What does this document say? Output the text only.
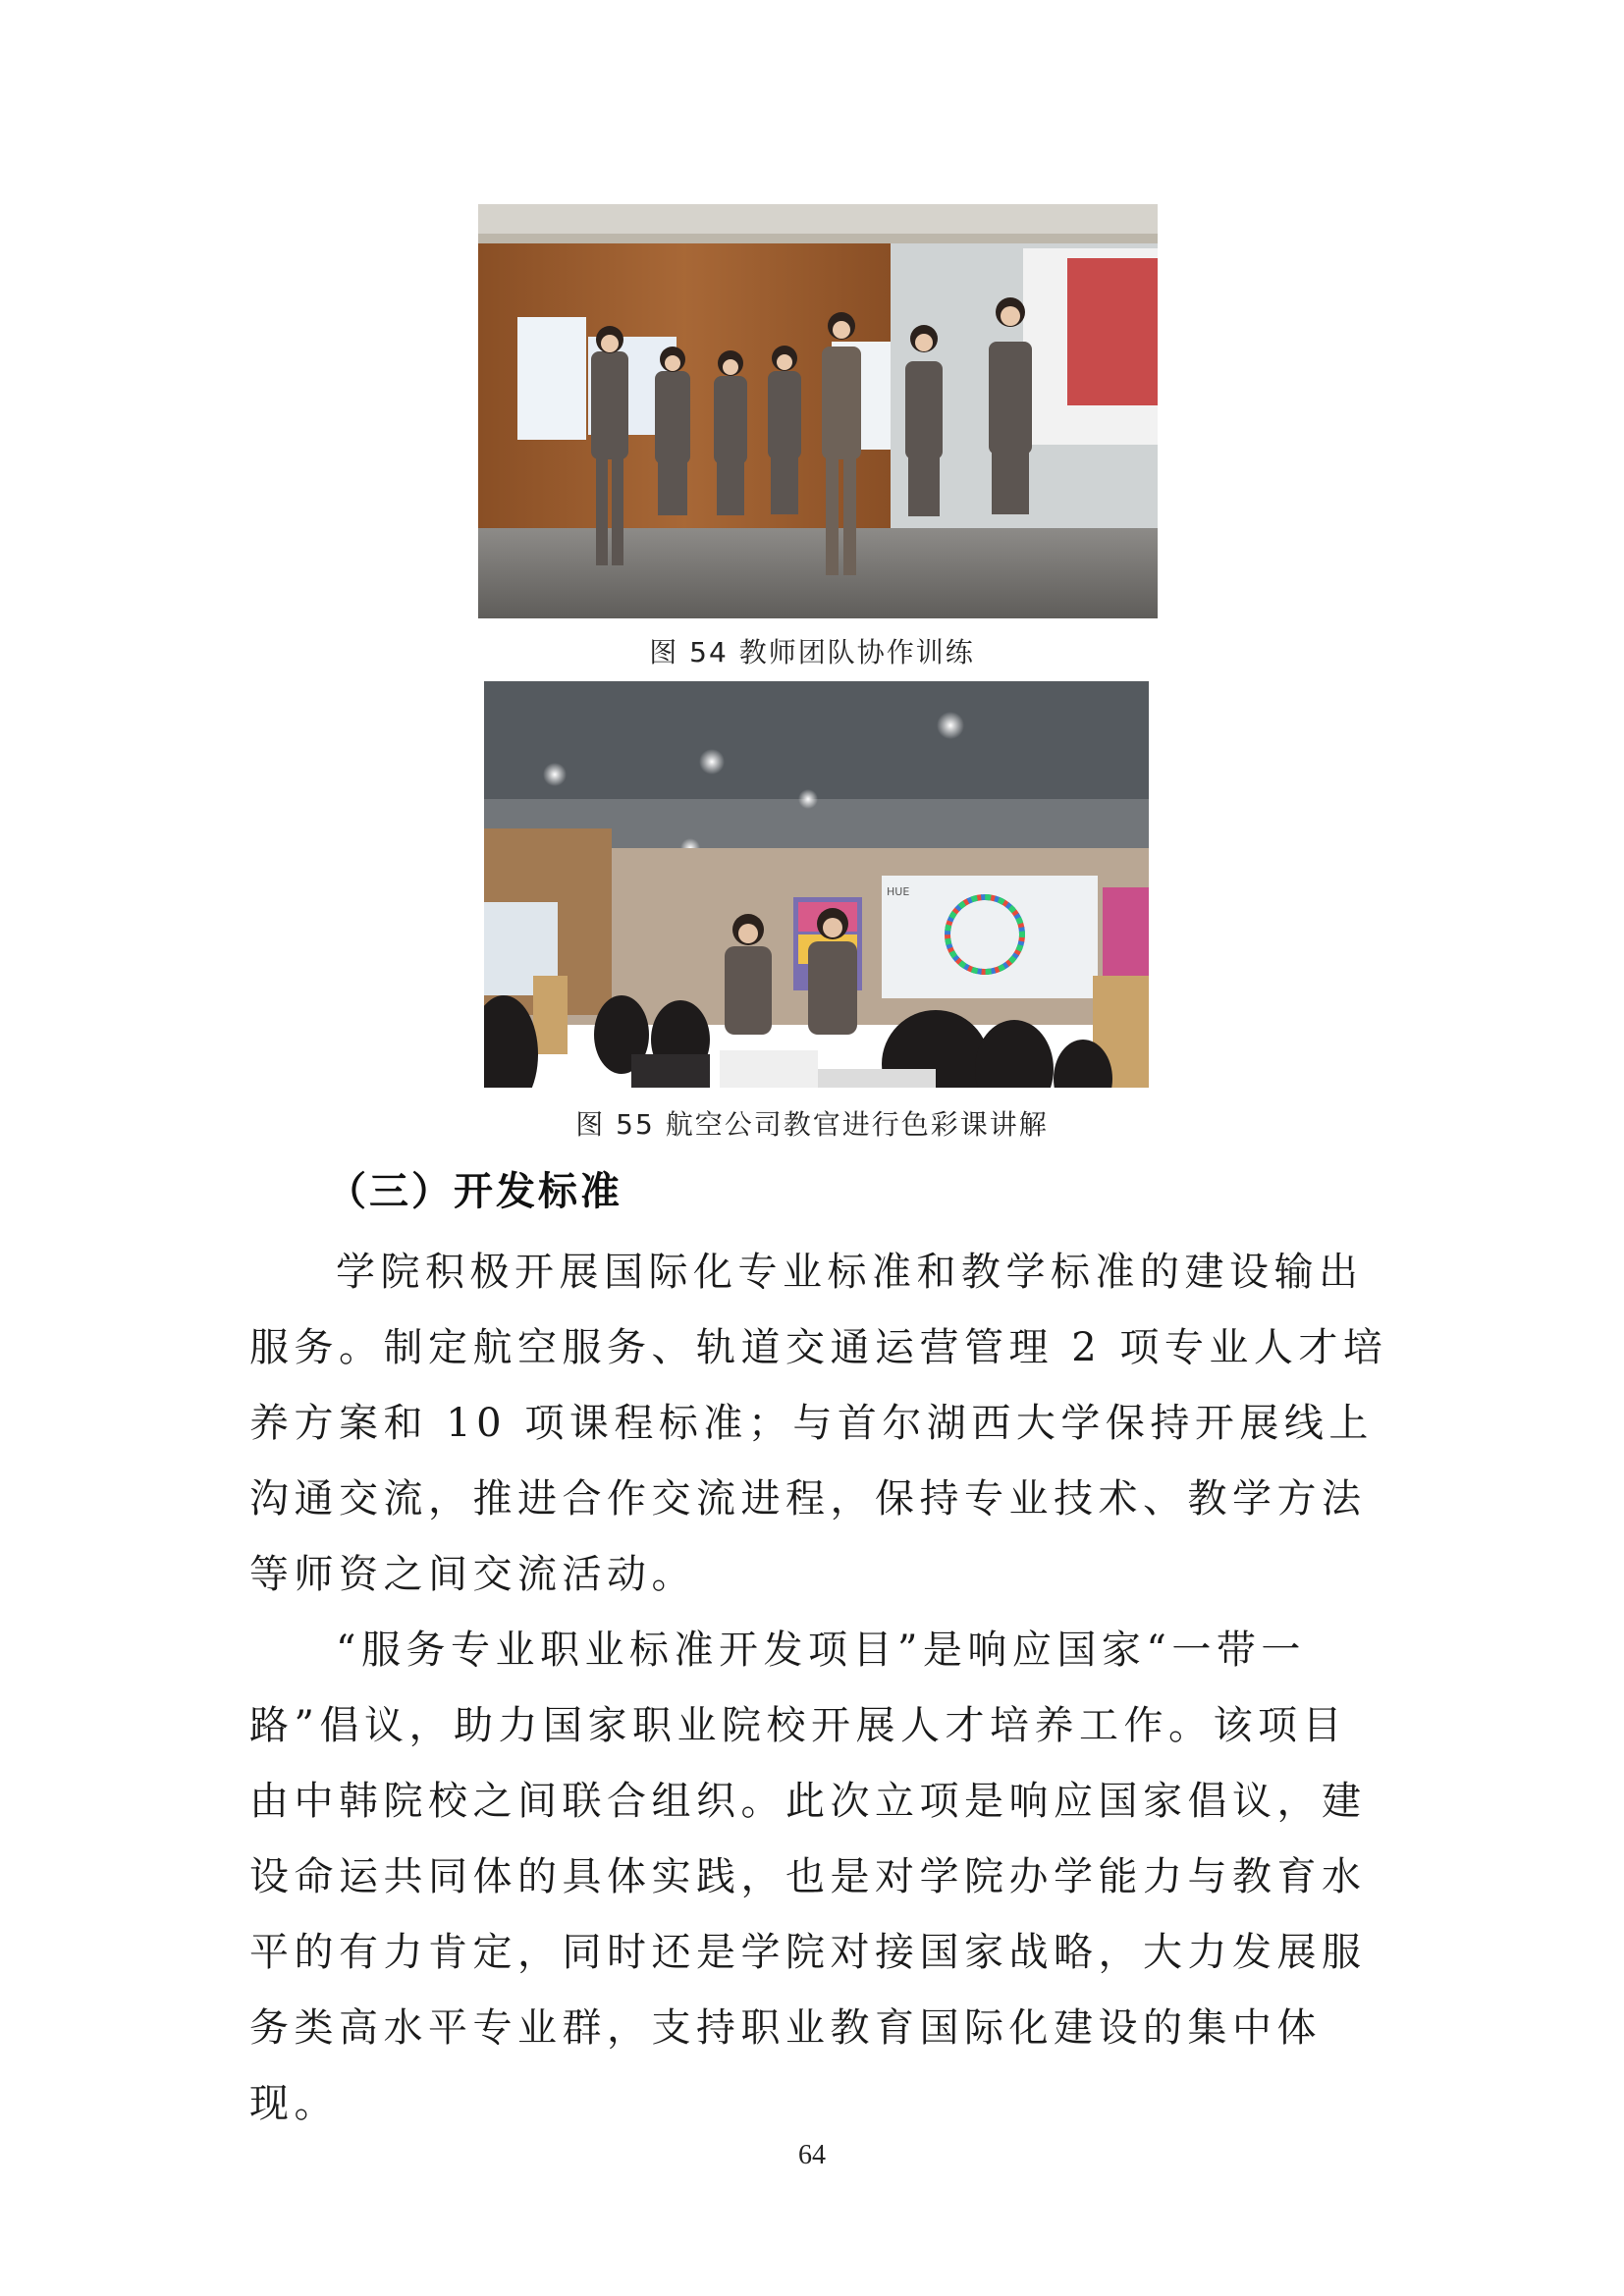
图 54 教师团队协作训练
HUE
图 55 航空公司教官进行色彩课讲解
（三）开发标准

学院积极开展国际化专业标准和教学标准的建设输出服务。制定航空服务、轨道交通运营管理 2 项专业人才培养方案和 10 项课程标准；与首尔湖西大学保持开展线上沟通交流，推进合作交流进程，保持专业技术、教学方法等师资之间交流活动。

“服务专业职业标准开发项目”是响应国家“一带一路”倡议，助力国家职业院校开展人才培养工作。该项目由中韩院校之间联合组织。此次立项是响应国家倡议，建设命运共同体的具体实践，也是对学院办学能力与教育水平的有力肯定，同时还是学院对接国家战略，大力发展服务类高水平专业群，支持职业教育国际化建设的集中体现。

64
